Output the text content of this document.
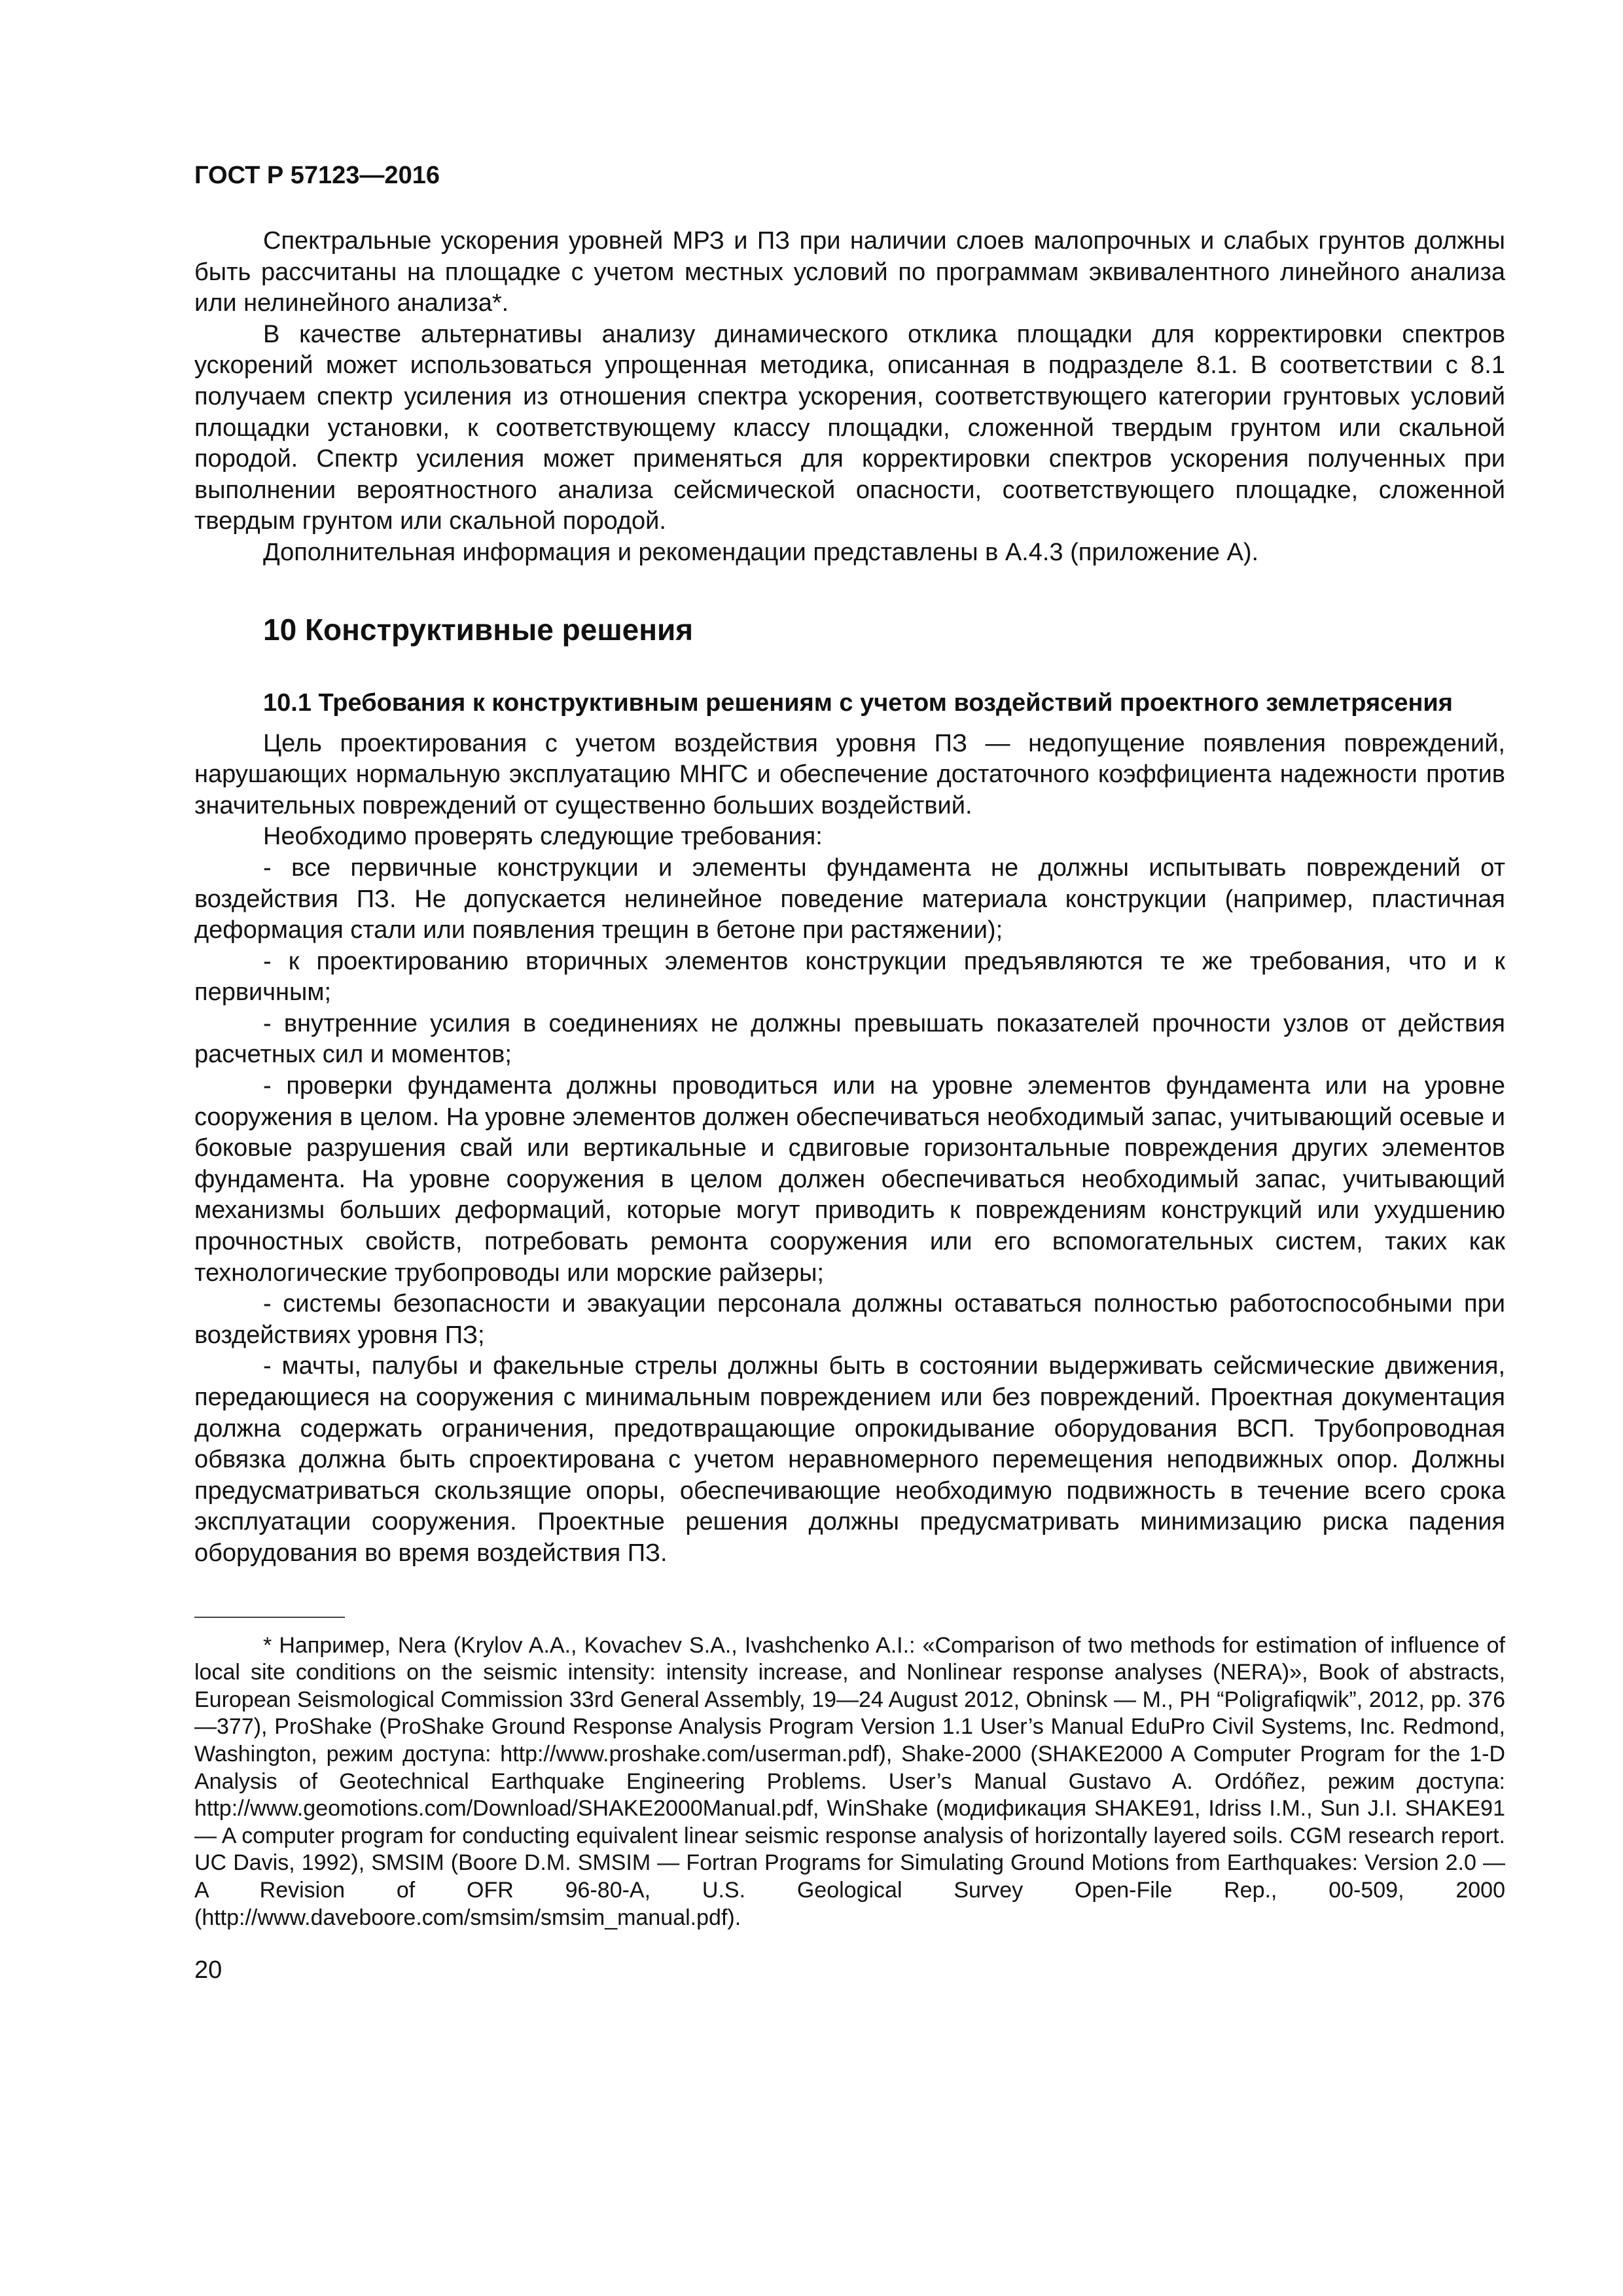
ГОСТ Р 57123—2016

Спектральные ускорения уровней МРЗ и ПЗ при наличии слоев малопрочных и слабых грунтов должны быть рассчитаны на площадке с учетом местных условий по программам эквивалентного линейного анализа или нелинейного анализа*.

В качестве альтернативы анализу динамического отклика площадки для корректировки спектров ускорений может использоваться упрощенная методика, описанная в подразделе 8.1. В соответствии с 8.1 получаем спектр усиления из отношения спектра ускорения, соответствующего категории грунтовых условий площадки установки, к соответствующему классу площадки, сложенной твердым грунтом или скальной породой. Спектр усиления может применяться для корректировки спектров ускорения полученных при выполнении вероятностного анализа сейсмической опасности, соответствующего площадке, сложенной твердым грунтом или скальной породой.

Дополнительная информация и рекомендации представлены в А.4.3 (приложение А).

10 Конструктивные решения
10.1 Требования к конструктивным решениям с учетом воздействий проектного землетрясения

Цель проектирования с учетом воздействия уровня ПЗ — недопущение появления повреждений, нарушающих нормальную эксплуатацию МНГС и обеспечение достаточного коэффициента надежности против значительных повреждений от существенно больших воздействий.

Необходимо проверять следующие требования:

- все первичные конструкции и элементы фундамента не должны испытывать повреждений от воздействия ПЗ. Не допускается нелинейное поведение материала конструкции (например, пластичная деформация стали или появления трещин в бетоне при растяжении);

- к проектированию вторичных элементов конструкции предъявляются те же требования, что и к первичным;

- внутренние усилия в соединениях не должны превышать показателей прочности узлов от действия расчетных сил и моментов;

- проверки фундамента должны проводиться или на уровне элементов фундамента или на уровне сооружения в целом. На уровне элементов должен обеспечиваться необходимый запас, учитывающий осевые и боковые разрушения свай или вертикальные и сдвиговые горизонтальные повреждения других элементов фундамента. На уровне сооружения в целом должен обеспечиваться необходимый запас, учитывающий механизмы больших деформаций, которые могут приводить к повреждениям конструкций или ухудшению прочностных свойств, потребовать ремонта сооружения или его вспомогательных систем, таких как технологические трубопроводы или морские райзеры;

- системы безопасности и эвакуации персонала должны оставаться полностью работоспособными при воздействиях уровня ПЗ;

- мачты, палубы и факельные стрелы должны быть в состоянии выдерживать сейсмические движения, передающиеся на сооружения с минимальным повреждением или без повреждений. Проектная документация должна содержать ограничения, предотвращающие опрокидывание оборудования ВСП. Трубопроводная обвязка должна быть спроектирована с учетом неравномерного перемещения неподвижных опор. Должны предусматриваться скользящие опоры, обеспечивающие необходимую подвижность в течение всего срока эксплуатации сооружения. Проектные решения должны предусматривать минимизацию риска падения оборудования во время воздействия ПЗ.

* Например, Nera (Krylov A.A., Kovachev S.A., Ivashchenko A.I.: «Comparison of two methods for estimation of influence of local site conditions on the seismic intensity: intensity increase, and Nonlinear response analyses (NERA)», Book of abstracts, European Seismological Commission 33rd General Assembly, 19—24 August 2012, Obninsk — M., PH “Poligrafiqwik”, 2012, pp. 376—377), ProShake (ProShake Ground Response Analysis Program Version 1.1 User’s Manual EduPro Civil Systems, Inc. Redmond, Washington, режим доступа: http://www.proshake.com/userman.pdf), Shake-2000 (SHAKE2000 A Computer Program for the 1-D Analysis of Geotechnical Earthquake Engineering Problems. User’s Manual Gustavo A. Ordóñez, режим доступа: http://www.geomotions.com/Download/SHAKE2000Manual.pdf, WinShake (модификация SHAKE91, Idriss I.M., Sun J.I. SHAKE91 — A computer program for conducting equivalent linear seismic response analysis of horizontally layered soils. CGM research report. UC Davis, 1992), SMSIM (Boore D.M. SMSIM — Fortran Programs for Simulating Ground Motions from Earthquakes: Version 2.0 — A Revision of OFR 96-80-A, U.S. Geological Survey Open-File Rep., 00-509, 2000 (http://www.daveboore.com/smsim/smsim_manual.pdf).

20
